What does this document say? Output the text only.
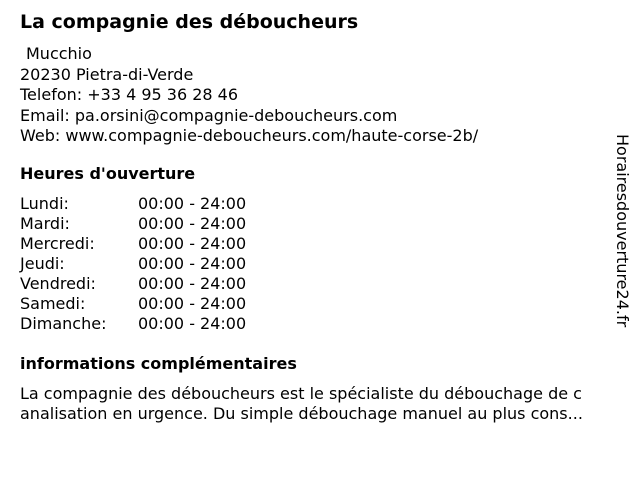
La compagnie des déboucheurs
Mucchio
20230 Pietra-di-Verde
Telefon: +33 4 95 36 28 46
Email: pa.orsini@compagnie-deboucheurs.com
Web: www.compagnie-deboucheurs.com/haute-corse-2b/
Heures d'ouverture
Lundi:	00:00 - 24:00
Mardi:	00:00 - 24:00
Mercredi:	00:00 - 24:00
Jeudi:	00:00 - 24:00
Vendredi:	00:00 - 24:00
Samedi:	00:00 - 24:00
Dimanche:	00:00 - 24:00
informations complémentaires
La compagnie des déboucheurs est le spécialiste du débouchage de c
analisation en urgence. Du simple débouchage manuel au plus cons...
Horairesdouverture24.fr
